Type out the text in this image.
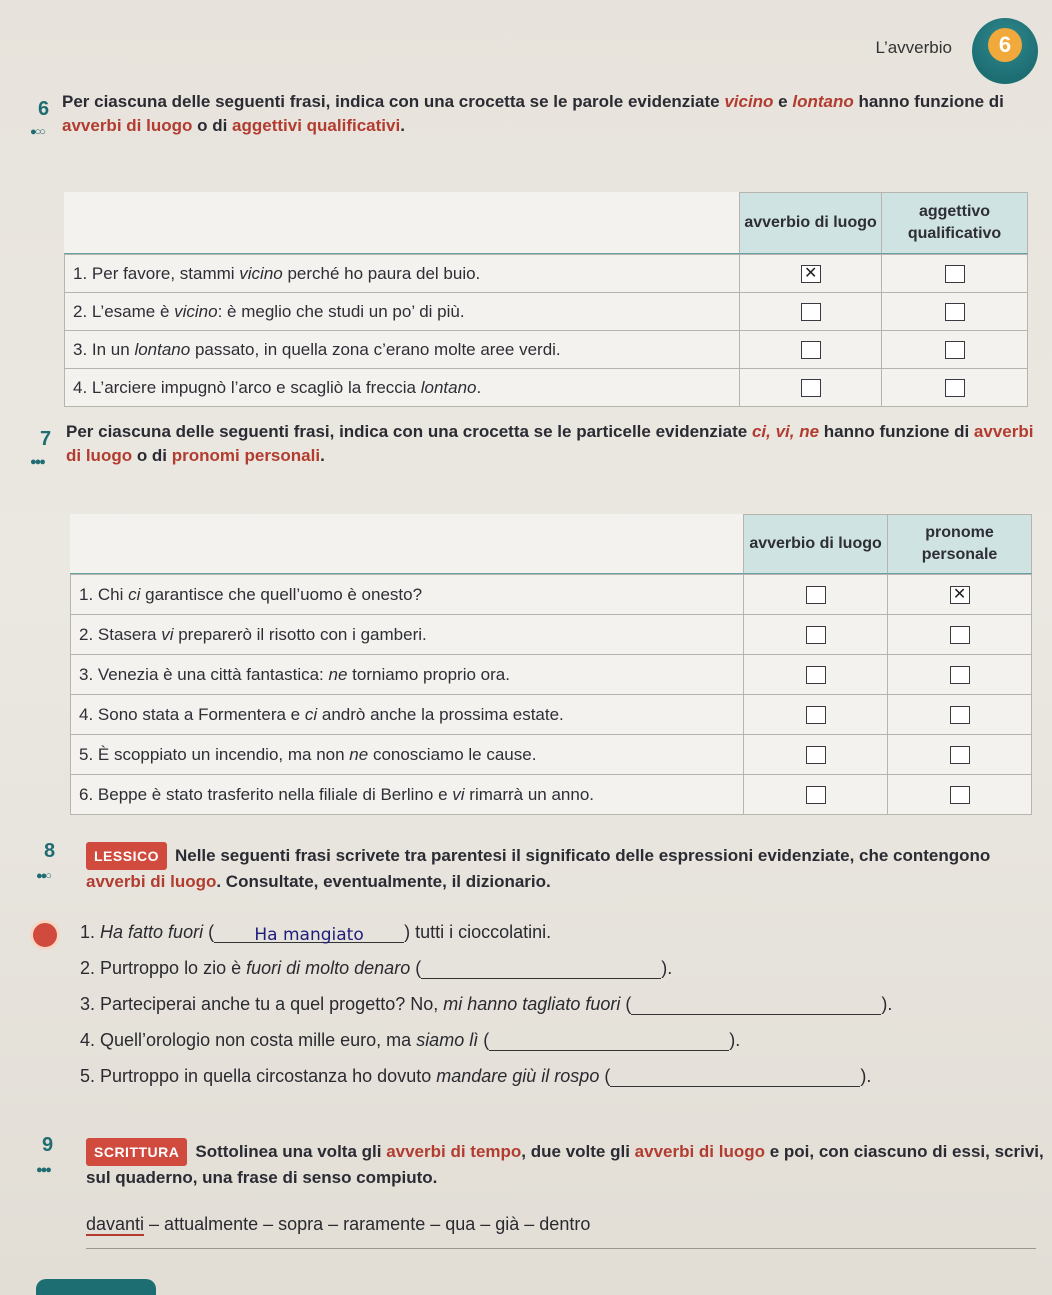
L’avverbio	6
6
●○○
Per ciascuna delle seguenti frasi, indica con una crocetta se le parole evidenziate vicino e lontano hanno funzione di avverbi di luogo o di aggettivi qualificativi.
	avverbio di luogo	aggettivo qualificativo
1. Per favore, stammi vicino perché ho paura del buio.	✕	
2. L’esame è vicino: è meglio che studi un po’ di più.		
3. In un lontano passato, in quella zona c’erano molte aree verdi.		
4. L’arciere impugnò l’arco e scagliò la freccia lontano.		
7
●●●
Per ciascuna delle seguenti frasi, indica con una crocetta se le particelle evidenziate ci, vi, ne hanno funzione di avverbi di luogo o di pronomi personali.
	avverbio di luogo	pronome personale
1. Chi ci garantisce che quell’uomo è onesto?		✕
2. Stasera vi preparerò il risotto con i gamberi.		
3. Venezia è una città fantastica: ne torniamo proprio ora.		
4. Sono stata a Formentera e ci andrò anche la prossima estate.		
5. È scoppiato un incendio, ma non ne conosciamo le cause.		
6. Beppe è stato trasferito nella filiale di Berlino e vi rimarrà un anno.		
8
●●○
LESSICO Nelle seguenti frasi scrivete tra parentesi il significato delle espressioni evidenziate, che contengono avverbi di luogo. Consultate, eventualmente, il dizionario.
1. Ha fatto fuori ( Ha mangiato ) tutti i cioccolatini.
2. Purtroppo lo zio è fuori di molto denaro (	).
3. Parteciperai anche tu a quel progetto? No, mi hanno tagliato fuori (	).
4. Quell’orologio non costa mille euro, ma siamo lì (	).
5. Purtroppo in quella circostanza ho dovuto mandare giù il rospo (	).
9
●●●
SCRITTURA Sottolinea una volta gli avverbi di tempo, due volte gli avverbi di luogo e poi, con ciascuno di essi, scrivi, sul quaderno, una frase di senso compiuto.
davanti – attualmente – sopra – raramente – qua – già – dentro
